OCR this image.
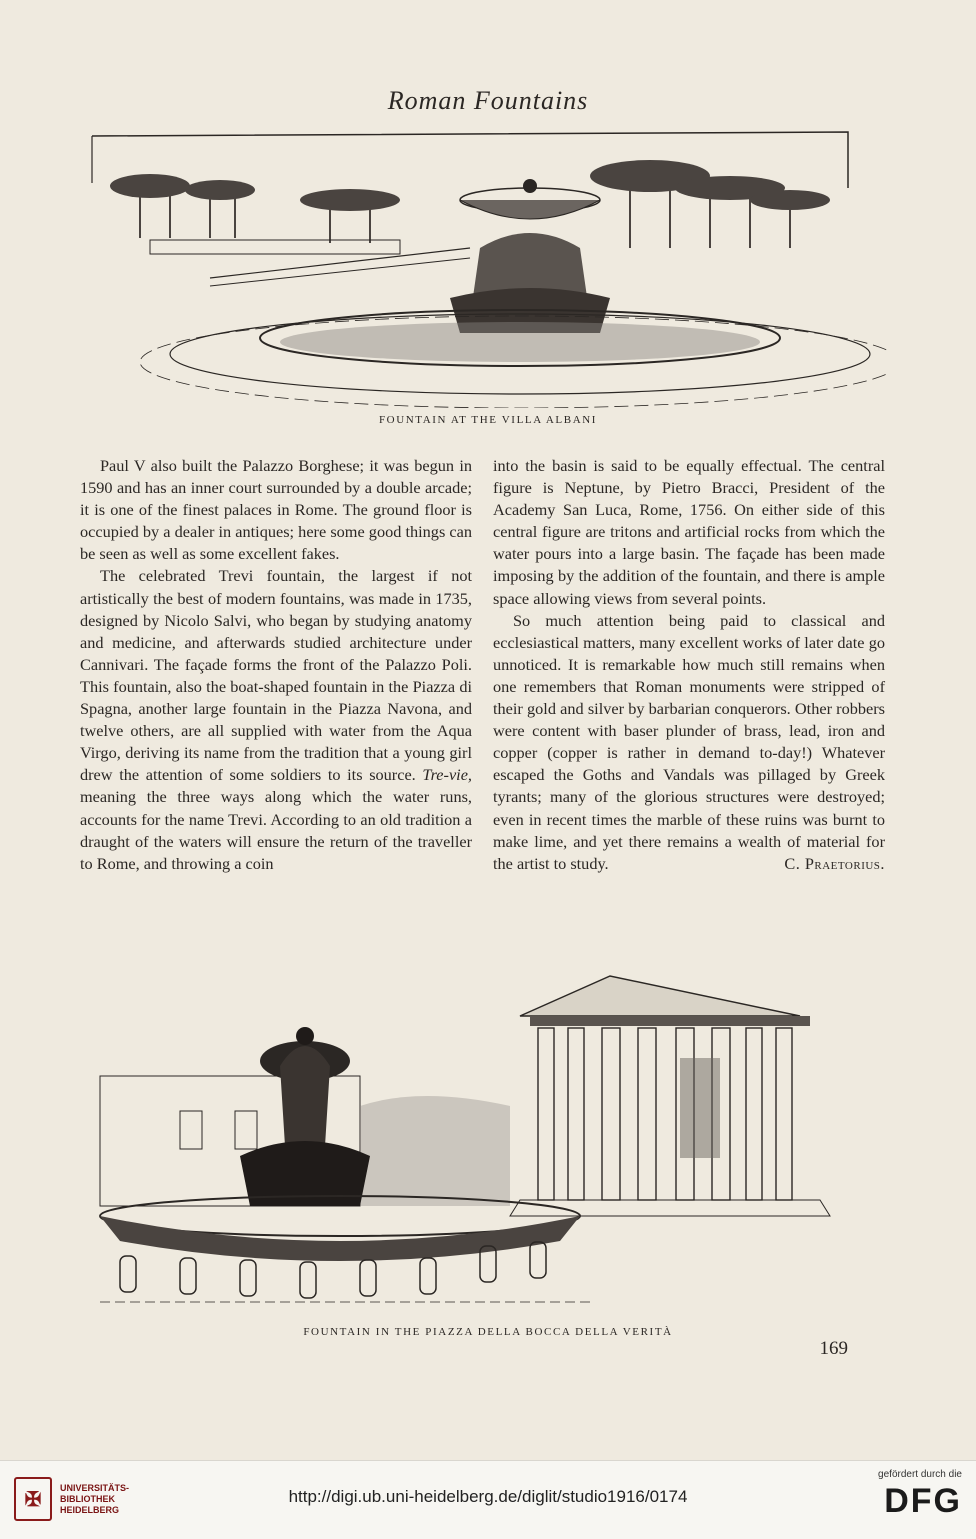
Roman Fountains
FOUNTAIN AT THE VILLA ALBANI

Paul V also built the Palazzo Borghese; it was begun in 1590 and has an inner court surrounded by a double arcade; it is one of the finest palaces in Rome. The ground floor is occupied by a dealer in antiques; here some good things can be seen as well as some excellent fakes.

The celebrated Trevi fountain, the largest if not artistically the best of modern fountains, was made in 1735, designed by Nicolo Salvi, who began by studying anatomy and medicine, and afterwards studied architecture under Cannivari. The façade forms the front of the Palazzo Poli. This fountain, also the boat-shaped fountain in the Piazza di Spagna, another large fountain in the Piazza Navona, and twelve others, are all supplied with water from the Aqua Virgo, deriving its name from the tradition that a young girl drew the attention of some soldiers to its source. Tre-vie, meaning the three ways along which the water runs, accounts for the name Trevi. According to an old tradition a draught of the waters will ensure the return of the traveller to Rome, and throwing a coin

into the basin is said to be equally effectual. The central figure is Neptune, by Pietro Bracci, President of the Academy San Luca, Rome, 1756. On either side of this central figure are tritons and artificial rocks from which the water pours into a large basin. The façade has been made imposing by the addition of the fountain, and there is ample space allowing views from several points.

So much attention being paid to classical and ecclesiastical matters, many excellent works of later date go unnoticed. It is remarkable how much still remains when one remembers that Roman monuments were stripped of their gold and silver by barbarian conquerors. Other robbers were content with baser plunder of brass, lead, iron and copper (copper is rather in demand to-day!) Whatever escaped the Goths and Vandals was pillaged by Greek tyrants; many of the glorious structures were destroyed; even in recent times the marble of these ruins was burnt to make lime, and yet there remains a wealth of material for the artist to study.	C. Praetorius.

FOUNTAIN IN THE PIAZZA DELLA BOCCA DELLA VERITÀ
169
✠
UNIVERSITÄTS-
BIBLIOTHEK
HEIDELBERG
http://digi.ub.uni-heidelberg.de/diglit/studio1916/0174
gefördert durch die
DFG
